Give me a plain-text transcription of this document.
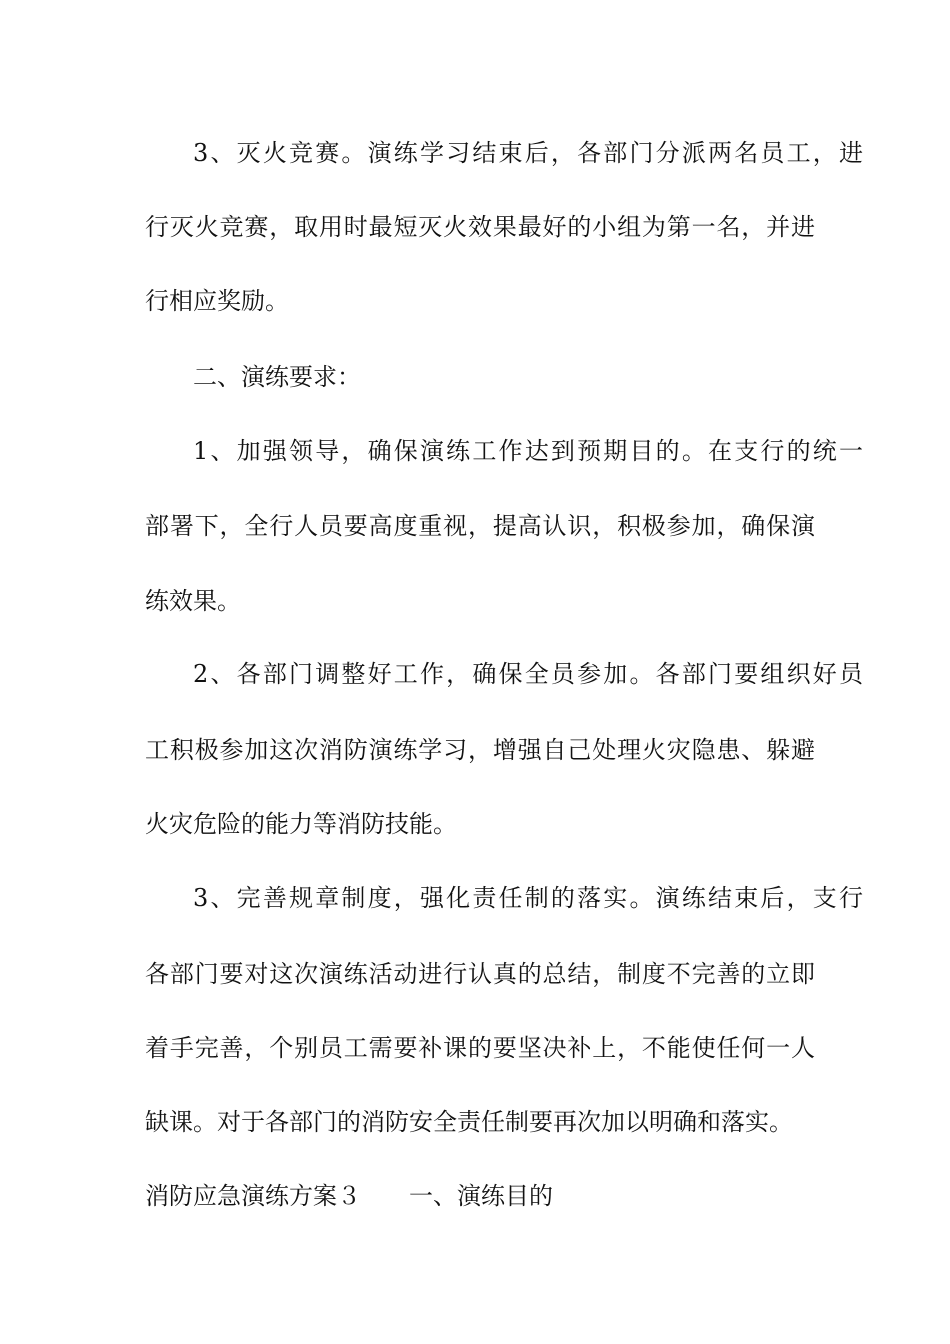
3、灭火竞赛。演练学习结束后，各部门分派两名员工，进
行灭火竞赛，取用时最短灭火效果最好的小组为第一名，并进
行相应奖励。
二、演练要求：
1、加强领导，确保演练工作达到预期目的。在支行的统一
部署下，全行人员要高度重视，提高认识，积极参加，确保演
练效果。
2、各部门调整好工作，确保全员参加。各部门要组织好员
工积极参加这次消防演练学习，增强自己处理火灾隐患、躲避
火灾危险的能力等消防技能。
3、完善规章制度，强化责任制的落实。演练结束后，支行
各部门要对这次演练活动进行认真的总结，制度不完善的立即
着手完善，个别员工需要补课的要坚决补上，不能使任何一人
缺课。对于各部门的消防安全责任制要再次加以明确和落实。
消防应急演练方案３ 一、演练目的
